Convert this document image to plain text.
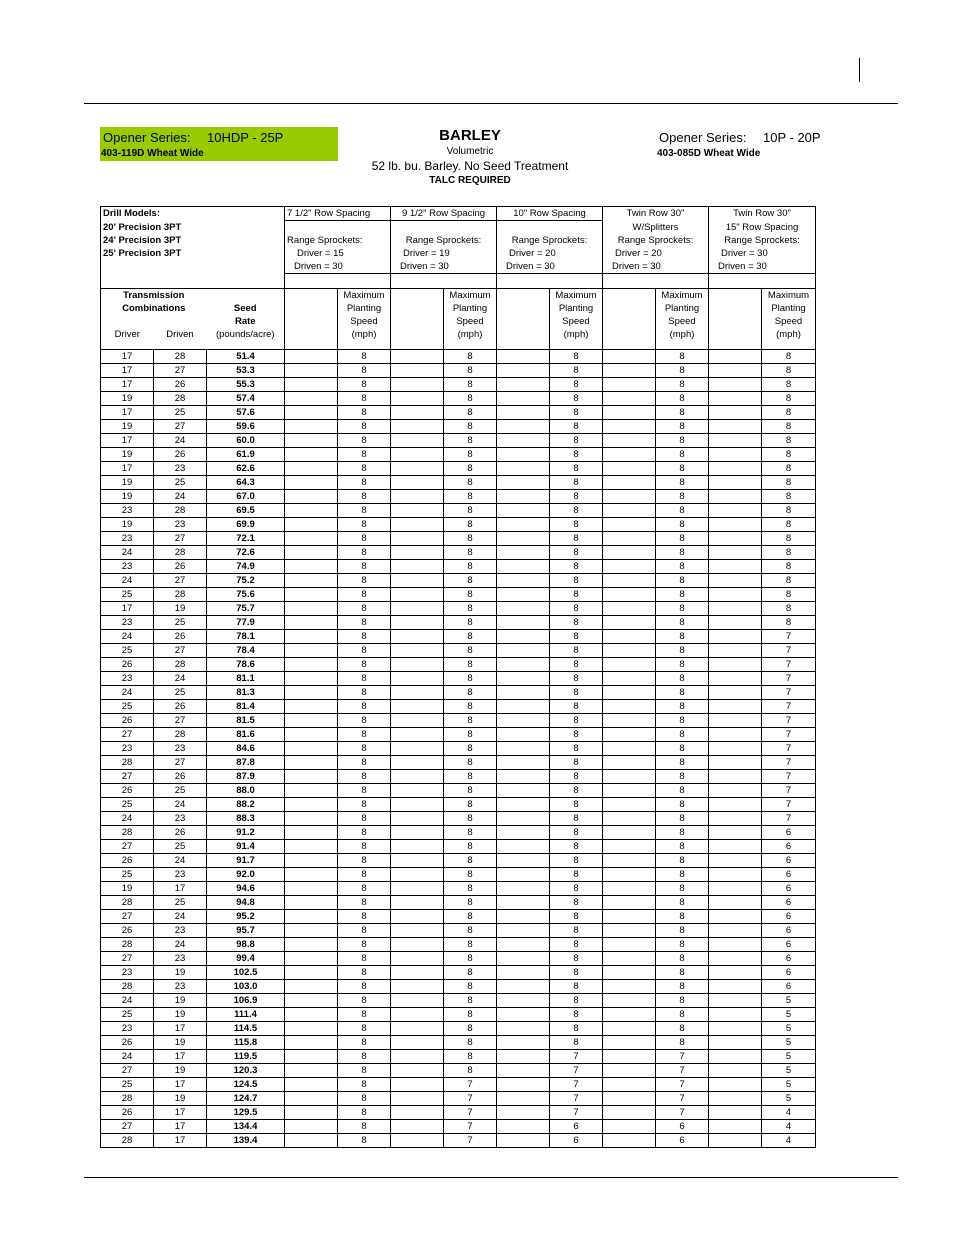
Opener Series: 10HDP - 25P
403-119D Wheat Wide
BARLEY
Volumetric
52 lb. bu. Barley. No Seed Treatment
TALC REQUIRED
Opener Series: 10P - 20P
403-085D Wheat Wide
Drill Models:			7 1/2" Row Spacing		9 1/2" Row Spacing		10" Row Spacing		Twin Row 30"		Twin Row 30"	
20' Precision 3PT									W/Splitters		15" Row Spacing	
24' Precision 3PT			Range Sprockets:		Range Sprockets:		Range Sprockets:		Range Sprockets:		Range Sprockets:	
25' Precision 3PT			Driver = 15		Driver = 19		Driver = 20		Driver = 20		Driver = 30	
			Driven = 30		Driven = 30		Driven = 30		Driven = 30		Driven = 30	

Transmission				Maximum		Maximum		Maximum		Maximum		Maximum
Combinations		Seed		Planting		Planting		Planting		Planting		Planting
		Rate		Speed		Speed		Speed		Speed		Speed
Driver	Driven	(pounds/acre)		(mph)		(mph)		(mph)		(mph)		(mph)

17	28	51.4		8		8		8		8		8
17	27	53.3		8		8		8		8		8
17	26	55.3		8		8		8		8		8
19	28	57.4		8		8		8		8		8
17	25	57.6		8		8		8		8		8
19	27	59.6		8		8		8		8		8
17	24	60.0		8		8		8		8		8
19	26	61.9		8		8		8		8		8
17	23	62.6		8		8		8		8		8
19	25	64.3		8		8		8		8		8
19	24	67.0		8		8		8		8		8
23	28	69.5		8		8		8		8		8
19	23	69.9		8		8		8		8		8
23	27	72.1		8		8		8		8		8
24	28	72.6		8		8		8		8		8
23	26	74.9		8		8		8		8		8
24	27	75.2		8		8		8		8		8
25	28	75.6		8		8		8		8		8
17	19	75.7		8		8		8		8		8
23	25	77.9		8		8		8		8		8
24	26	78.1		8		8		8		8		7
25	27	78.4		8		8		8		8		7
26	28	78.6		8		8		8		8		7
23	24	81.1		8		8		8		8		7
24	25	81.3		8		8		8		8		7
25	26	81.4		8		8		8		8		7
26	27	81.5		8		8		8		8		7
27	28	81.6		8		8		8		8		7
23	23	84.6		8		8		8		8		7
28	27	87.8		8		8		8		8		7
27	26	87.9		8		8		8		8		7
26	25	88.0		8		8		8		8		7
25	24	88.2		8		8		8		8		7
24	23	88.3		8		8		8		8		7
28	26	91.2		8		8		8		8		6
27	25	91.4		8		8		8		8		6
26	24	91.7		8		8		8		8		6
25	23	92.0		8		8		8		8		6
19	17	94.6		8		8		8		8		6
28	25	94.8		8		8		8		8		6
27	24	95.2		8		8		8		8		6
26	23	95.7		8		8		8		8		6
28	24	98.8		8		8		8		8		6
27	23	99.4		8		8		8		8		6
23	19	102.5		8		8		8		8		6
28	23	103.0		8		8		8		8		6
24	19	106.9		8		8		8		8		5
25	19	111.4		8		8		8		8		5
23	17	114.5		8		8		8		8		5
26	19	115.8		8		8		8		8		5
24	17	119.5		8		8		7		7		5
27	19	120.3		8		8		7		7		5
25	17	124.5		8		7		7		7		5
28	19	124.7		8		7		7		7		5
26	17	129.5		8		7		7		7		4
27	17	134.4		8		7		6		6		4
28	17	139.4		8		7		6		6		4
